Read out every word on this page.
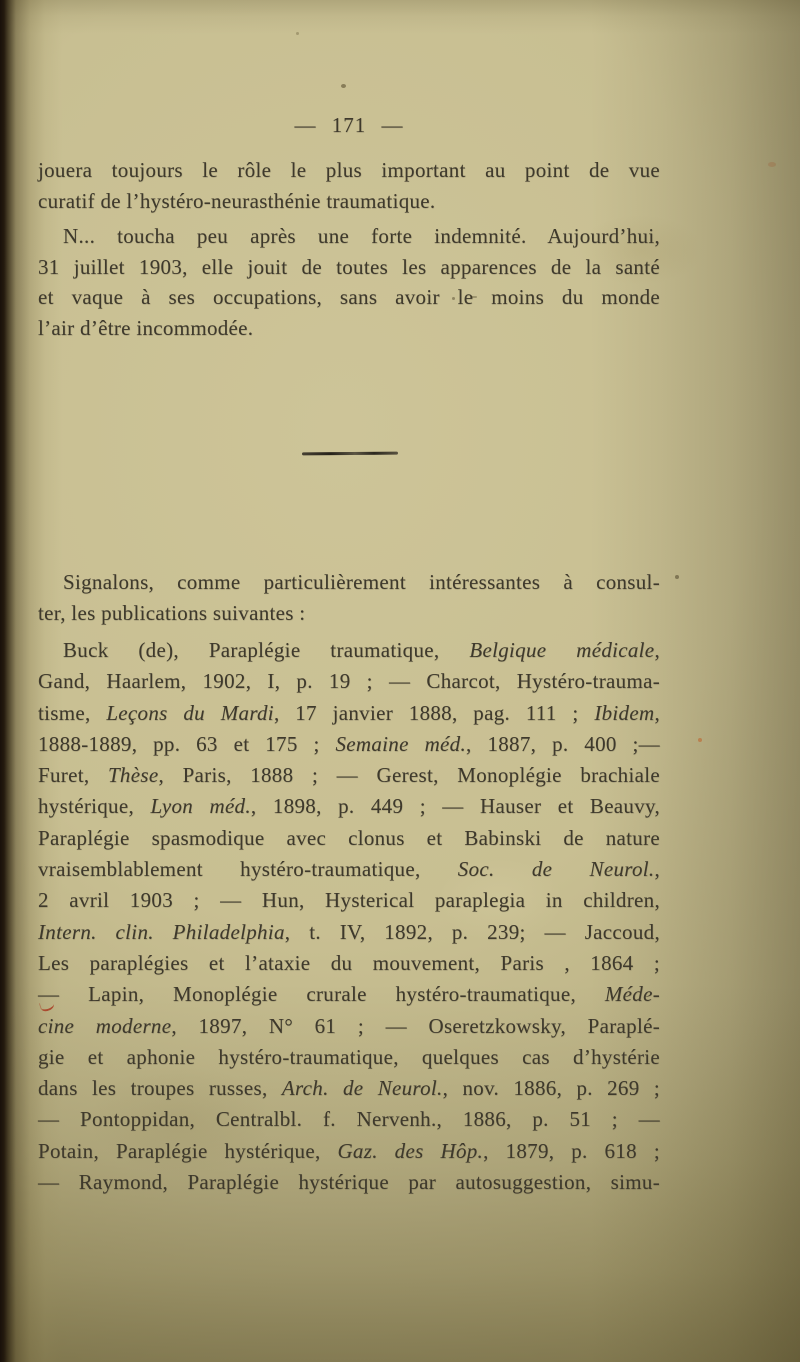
— 171 —
jouera toujours le rôle le plus important au point de vue
curatif de l’hystéro-neurasthénie traumatique.
N... toucha peu après une forte indemnité. Aujourd’hui,
31 juillet 1903, elle jouit de toutes les apparences de la santé
et vaque à ses occupations, sans avoir le moins du monde
l’air d’être incommodée.
Signalons, comme particulièrement intéressantes à consul-
ter, les publications suivantes :
Buck (de), Paraplégie traumatique, Belgique médicale,
Gand, Haarlem, 1902, I, p. 19 ; — Charcot, Hystéro-trauma-
tisme, Leçons du Mardi, 17 janvier 1888, pag. 111 ; Ibidem,
1888-1889, pp. 63 et 175 ; Semaine méd., 1887, p. 400 ;—
Furet, Thèse, Paris, 1888 ; — Gerest, Monoplégie brachiale
hystérique, Lyon méd., 1898, p. 449 ; — Hauser et Beauvy,
Paraplégie spasmodique avec clonus et Babinski de nature
vraisemblablement hystéro-traumatique, Soc. de Neurol.,
2 avril 1903 ; — Hun, Hysterical paraplegia in children,
Intern. clin. Philadelphia, t. IV, 1892, p. 239; — Jaccoud,
Les paraplégies et l’ataxie du mouvement, Paris , 1864 ;
— Lapin, Monoplégie crurale hystéro-traumatique, Méde-
cine moderne, 1897, N° 61 ; — Oseretzkowsky, Paraplé-
gie et aphonie hystéro-traumatique, quelques cas d’hystérie
dans les troupes russes, Arch. de Neurol., nov. 1886, p. 269 ;
— Pontoppidan, Centralbl. f. Nervenh., 1886, p. 51 ; —
Potain, Paraplégie hystérique, Gaz. des Hôp., 1879, p. 618 ;
— Raymond, Paraplégie hystérique par autosuggestion, simu-
